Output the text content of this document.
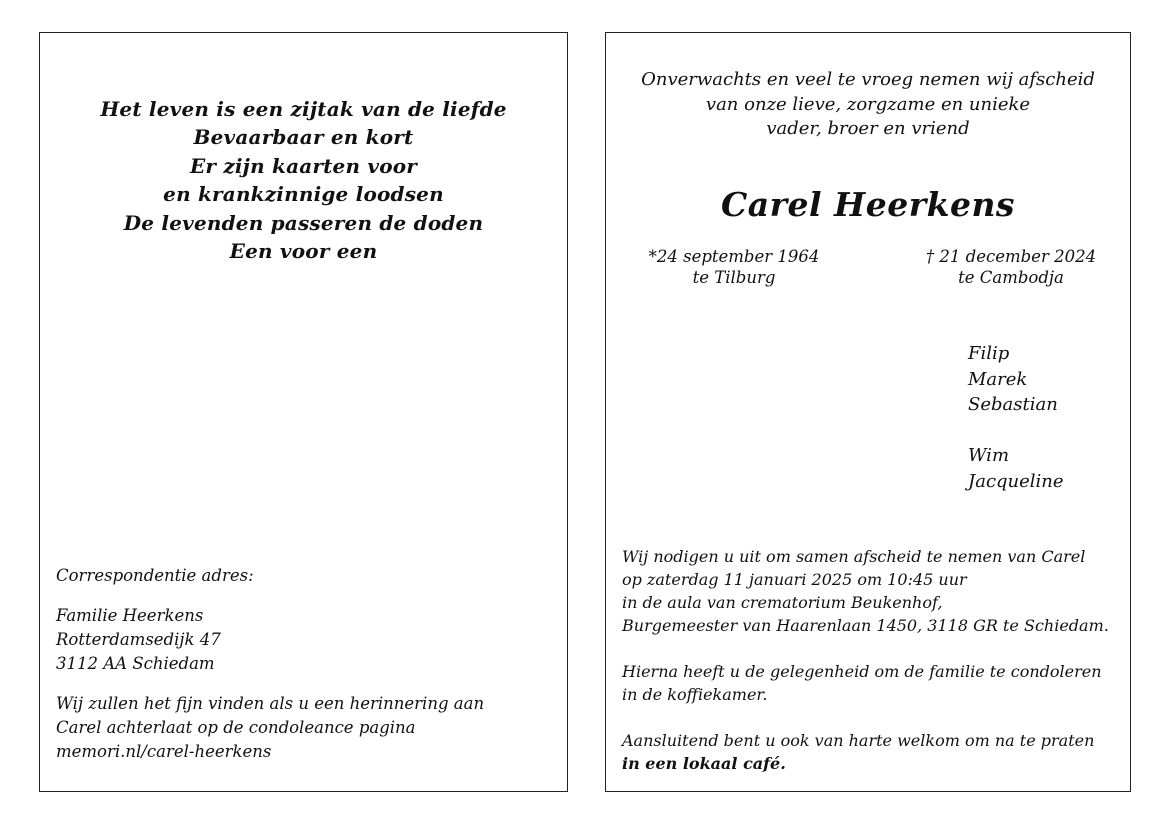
Het leven is een zijtak van de liefde
Bevaarbaar en kort
Er zijn kaarten voor
en krankzinnige loodsen
De levenden passeren de doden
Een voor een
Correspondentie adres:
Familie Heerkens
Rotterdamsedijk 47
3112 AA Schiedam
Wij zullen het fijn vinden als u een herinnering aan
Carel achterlaat op de condoleance pagina
memori.nl/carel-heerkens
Onverwachts en veel te vroeg nemen wij afscheid
van onze lieve, zorgzame en unieke
vader, broer en vriend
Carel Heerkens
*24 september 1964
te Tilburg
† 21 december 2024
te Cambodja
Filip
Marek
Sebastian
Wim
Jacqueline
Wij nodigen u uit om samen afscheid te nemen van Carel
op zaterdag 11 januari 2025 om 10:45 uur
in de aula van crematorium Beukenhof,
Burgemeester van Haarenlaan 1450, 3118 GR te Schiedam.
Hierna heeft u de gelegenheid om de familie te condoleren
in de koffiekamer.
Aansluitend bent u ook van harte welkom om na te praten
in een lokaal café.
